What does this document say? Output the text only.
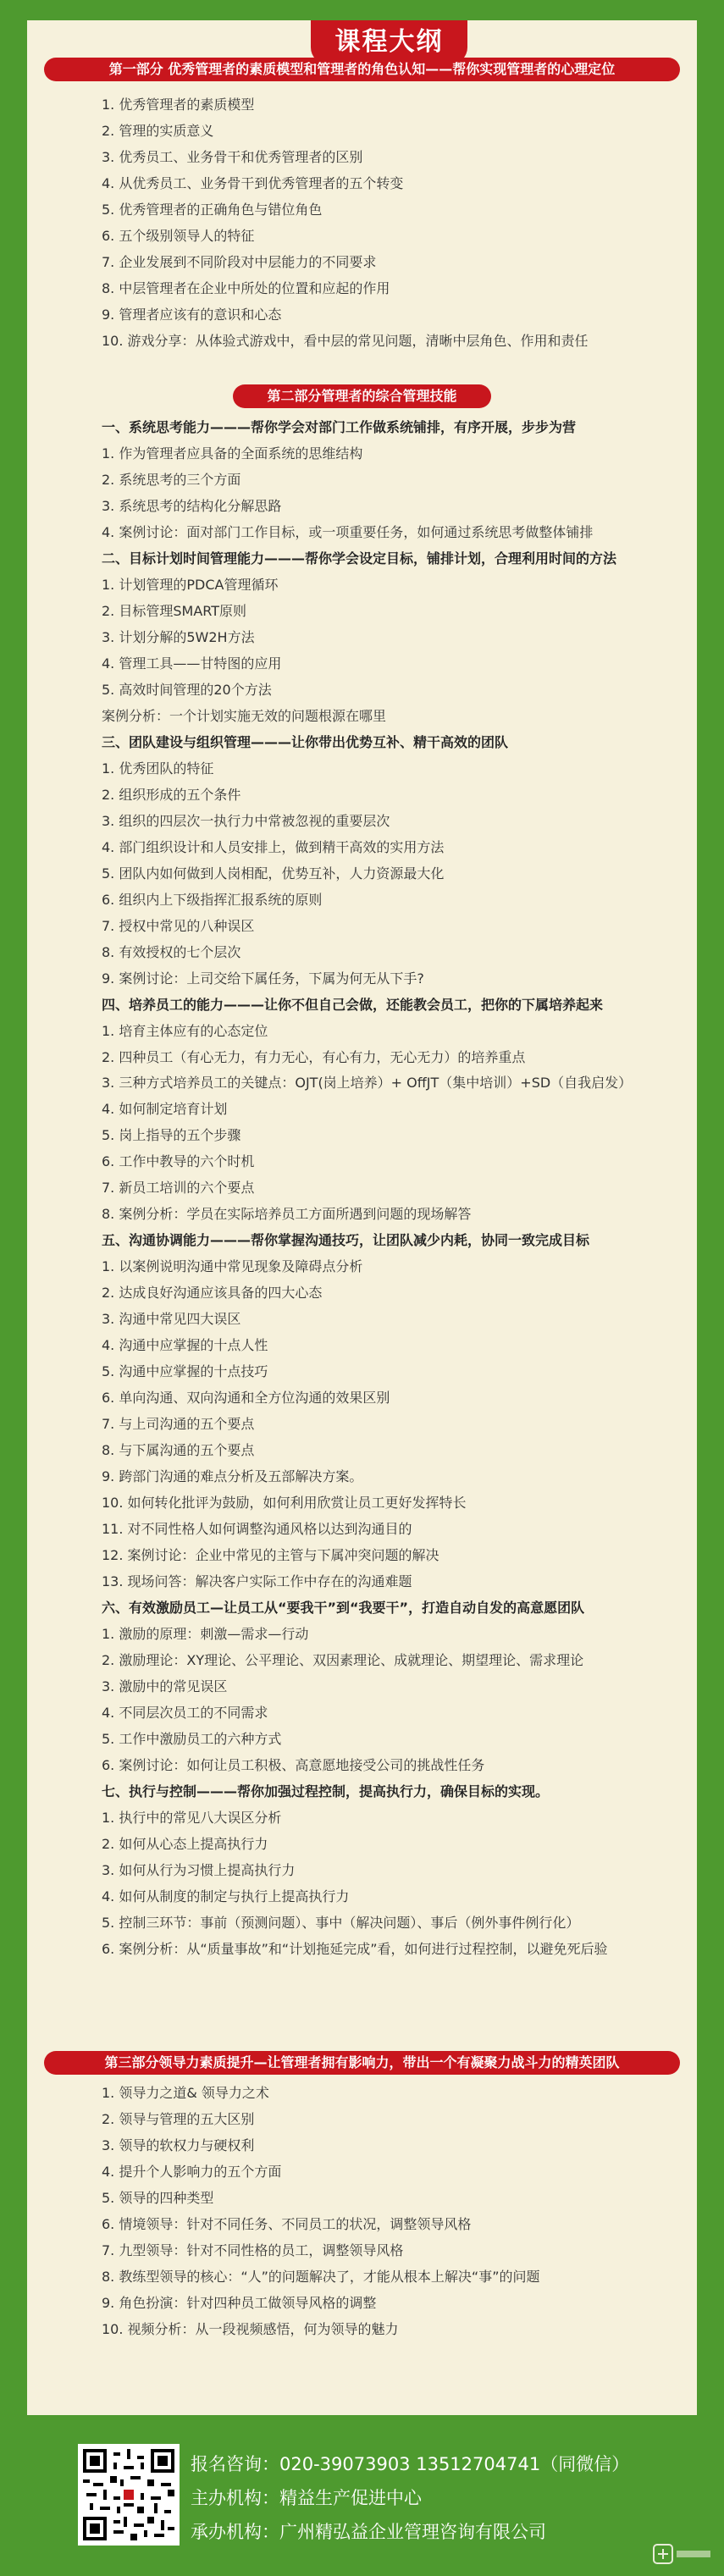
课程大纲
第一部分 优秀管理者的素质模型和管理者的角色认知——帮你实现管理者的心理定位
1. 优秀管理者的素质模型
2. 管理的实质意义
3. 优秀员工、业务骨干和优秀管理者的区别
4. 从优秀员工、业务骨干到优秀管理者的五个转变
5. 优秀管理者的正确角色与错位角色
6. 五个级别领导人的特征
7. 企业发展到不同阶段对中层能力的不同要求
8. 中层管理者在企业中所处的位置和应起的作用
9. 管理者应该有的意识和心态
10. 游戏分享：从体验式游戏中，看中层的常见问题，清晰中层角色、作用和责任
第二部分管理者的综合管理技能
一、系统思考能力———帮你学会对部门工作做系统铺排，有序开展，步步为营
1. 作为管理者应具备的全面系统的思维结构
2. 系统思考的三个方面
3. 系统思考的结构化分解思路
4. 案例讨论：面对部门工作目标，或一项重要任务，如何通过系统思考做整体铺排
二、目标计划时间管理能力———帮你学会设定目标，铺排计划，合理利用时间的方法
1. 计划管理的PDCA管理循环
2. 目标管理SMART原则
3. 计划分解的5W2H方法
4. 管理工具——甘特图的应用
5. 高效时间管理的20个方法
案例分析：一个计划实施无效的问题根源在哪里
三、团队建设与组织管理———让你带出优势互补、精干高效的团队
1. 优秀团队的特征
2. 组织形成的五个条件
3. 组织的四层次一执行力中常被忽视的重要层次
4. 部门组织设计和人员安排上，做到精干高效的实用方法
5. 团队内如何做到人岗相配，优势互补，人力资源最大化
6. 组织内上下级指挥汇报系统的原则
7. 授权中常见的八种误区
8. 有效授权的七个层次
9. 案例讨论：上司交给下属任务，下属为何无从下手?
四、培养员工的能力———让你不但自己会做，还能教会员工，把你的下属培养起来
1. 培育主体应有的心态定位
2. 四种员工（有心无力，有力无心，有心有力，无心无力）的培养重点
3. 三种方式培养员工的关键点：OJT(岗上培养）+ OffJT（集中培训）+SD（自我启发）
4. 如何制定培育计划
5. 岗上指导的五个步骤
6. 工作中教导的六个时机
7. 新员工培训的六个要点
8. 案例分析：学员在实际培养员工方面所遇到问题的现场解答
五、沟通协调能力———帮你掌握沟通技巧，让团队减少内耗，协同一致完成目标
1. 以案例说明沟通中常见现象及障碍点分析
2. 达成良好沟通应该具备的四大心态
3. 沟通中常见四大误区
4. 沟通中应掌握的十点人性
5. 沟通中应掌握的十点技巧
6. 单向沟通、双向沟通和全方位沟通的效果区别
7. 与上司沟通的五个要点
8. 与下属沟通的五个要点
9. 跨部门沟通的难点分析及五部解决方案。
10. 如何转化批评为鼓励，如何利用欣赏让员工更好发挥特长
11. 对不同性格人如何调整沟通风格以达到沟通目的
12. 案例讨论：企业中常见的主管与下属冲突问题的解决
13. 现场问答：解决客户实际工作中存在的沟通难题
六、有效激励员工—让员工从“要我干”到“我要干”，打造自动自发的高意愿团队
1. 激励的原理：刺激—需求—行动
2. 激励理论：XY理论、公平理论、双因素理论、成就理论、期望理论、需求理论
3. 激励中的常见误区
4. 不同层次员工的不同需求
5. 工作中激励员工的六种方式
6. 案例讨论：如何让员工积极、高意愿地接受公司的挑战性任务
七、执行与控制———帮你加强过程控制，提高执行力，确保目标的实现。
1. 执行中的常见八大误区分析
2. 如何从心态上提高执行力
3. 如何从行为习惯上提高执行力
4. 如何从制度的制定与执行上提高执行力
5. 控制三环节：事前（预测问题）、事中（解决问题）、事后（例外事件例行化）
6. 案例分析：从“质量事故”和“计划拖延完成”看，如何进行过程控制，以避免死后验
第三部分领导力素质提升—让管理者拥有影响力，带出一个有凝聚力战斗力的精英团队
1. 领导力之道& 领导力之术
2. 领导与管理的五大区别
3. 领导的软权力与硬权利
4. 提升个人影响力的五个方面
5. 领导的四种类型
6. 情境领导：针对不同任务、不同员工的状况，调整领导风格
7. 九型领导：针对不同性格的员工，调整领导风格
8. 教练型领导的核心：“人”的问题解决了，才能从根本上解决“事”的问题
9. 角色扮演：针对四种员工做领导风格的调整
10. 视频分析：从一段视频感悟，何为领导的魅力
报名咨询：020-39073903 13512704741（同微信）
主办机构：精益生产促进中心
承办机构：广州精弘益企业管理咨询有限公司
